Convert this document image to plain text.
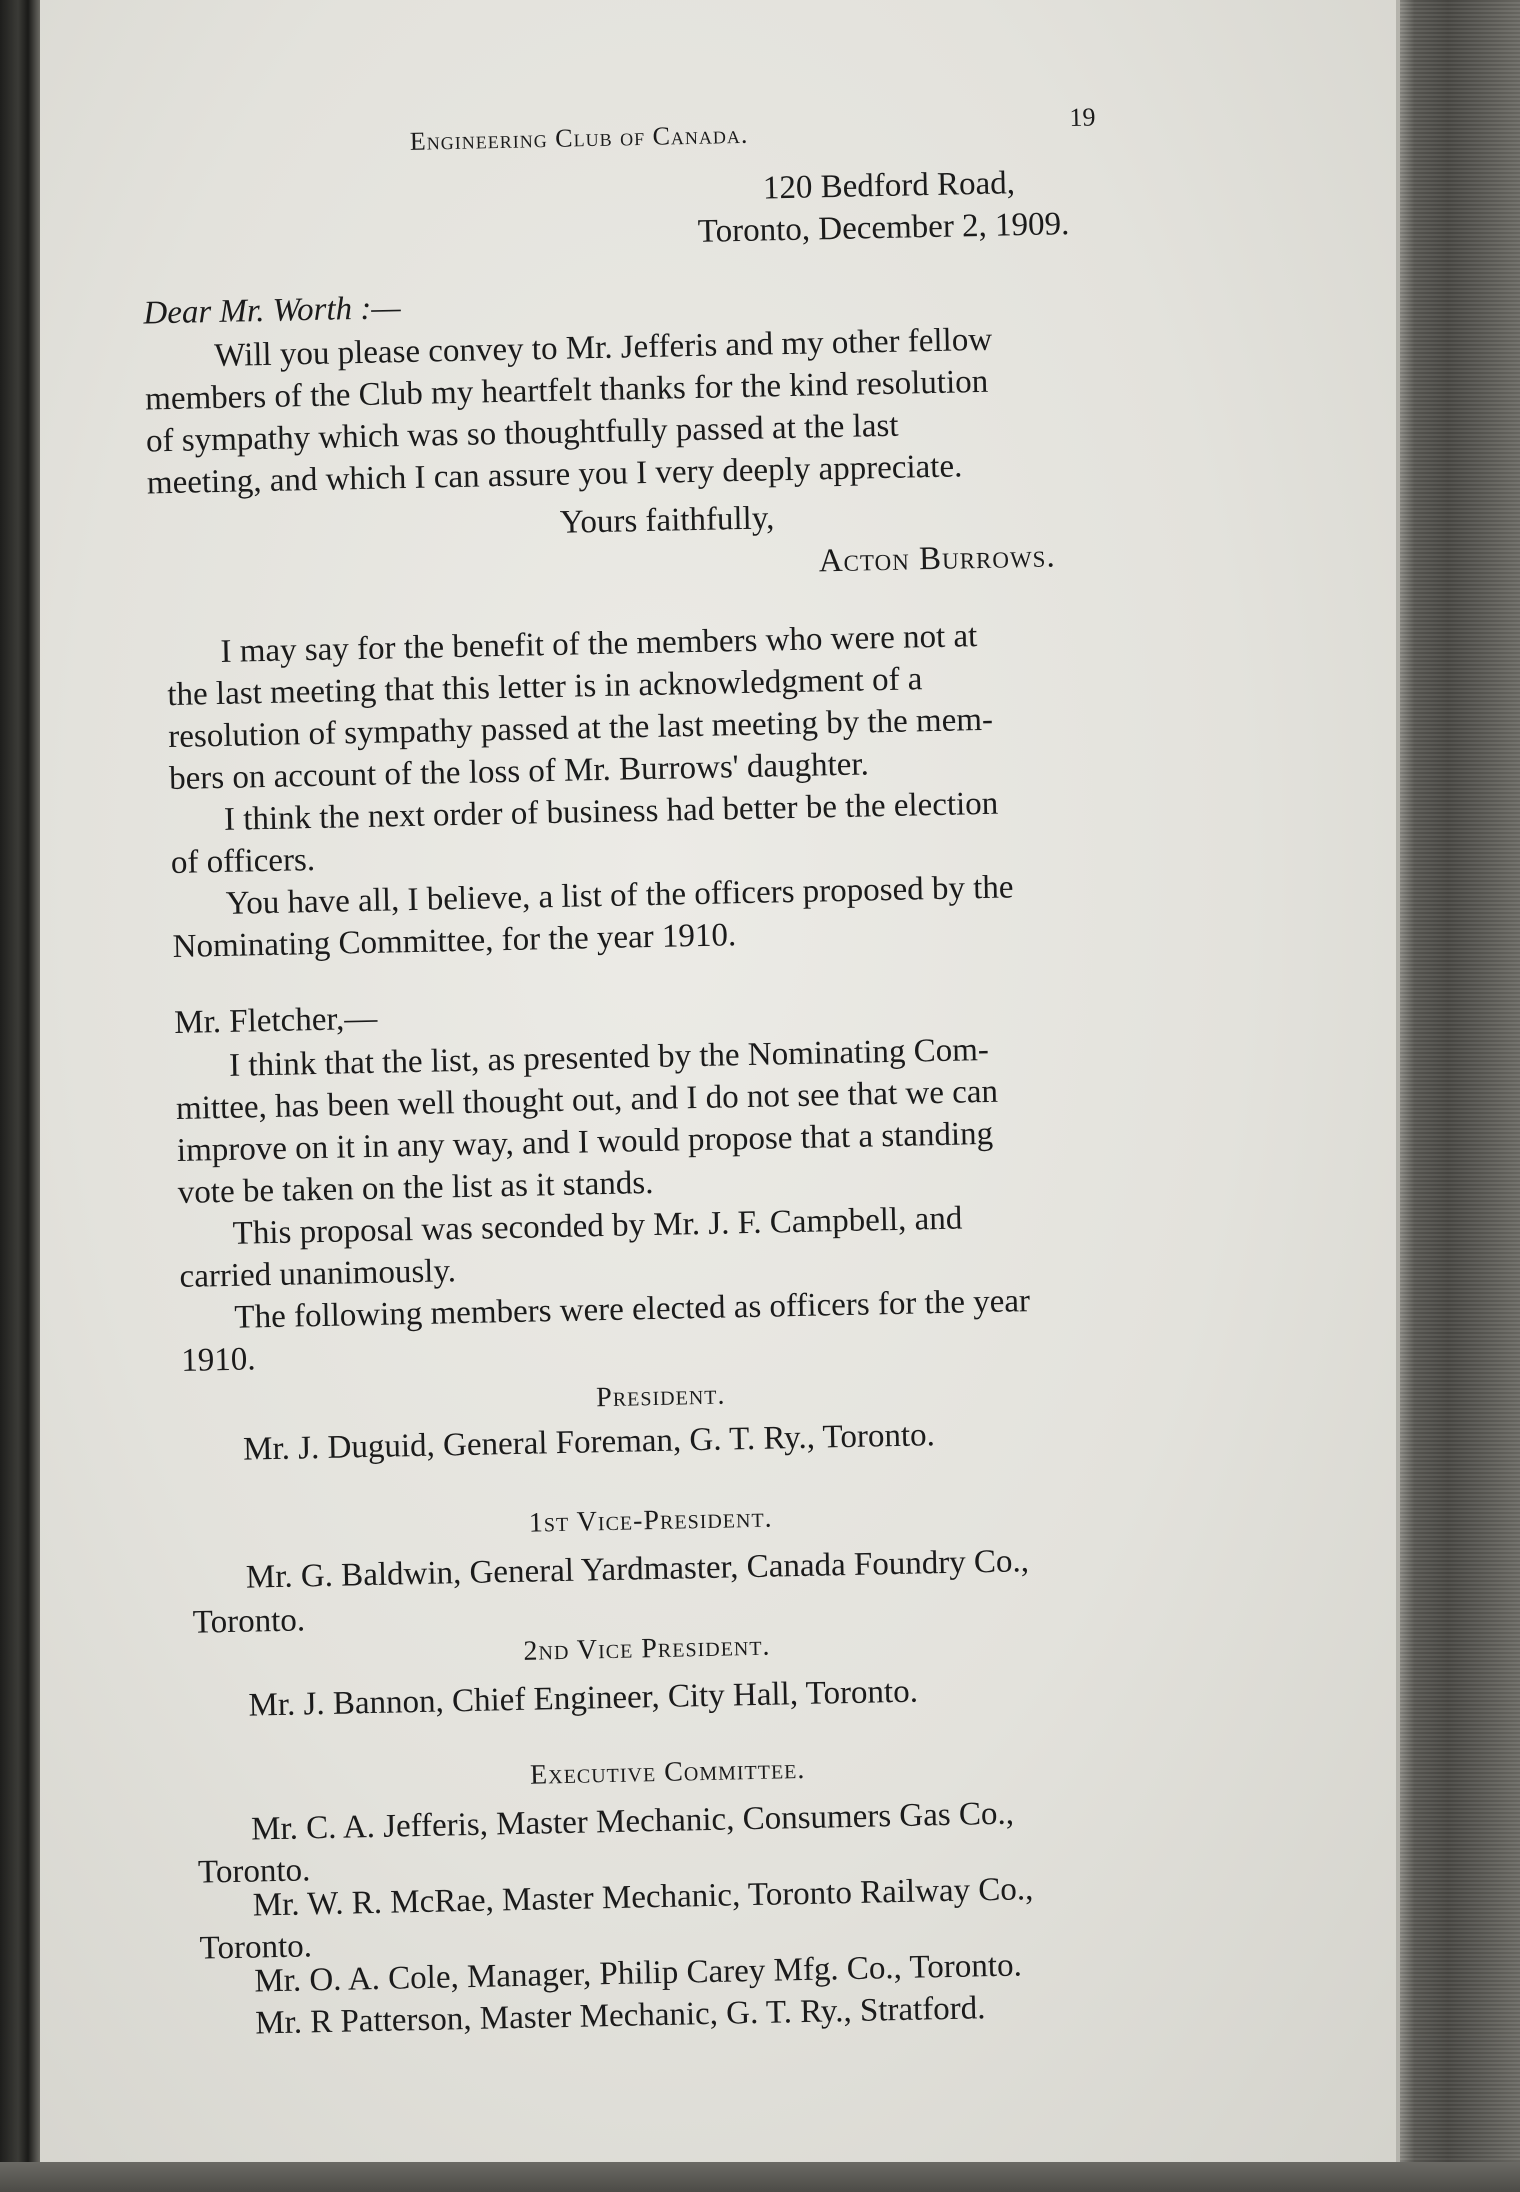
Engineering Club of Canada.
19
120 Bedford Road,
Toronto, December 2, 1909.
Dear Mr. Worth :—
Will you please convey to Mr. Jefferis and my other fellow
members of the Club my heartfelt thanks for the kind resolution
of sympathy which was so thoughtfully passed at the last
meeting, and which I can assure you I very deeply appreciate.
Yours faithfully,
Acton Burrows.
I may say for the benefit of the members who were not at
the last meeting that this letter is in acknowledgment of a
resolution of sympathy passed at the last meeting by the mem-
bers on account of the loss of Mr. Burrows' daughter.
I think the next order of business had better be the election
of officers.
You have all, I believe, a list of the officers proposed by the
Nominating Committee, for the year 1910.
Mr. Fletcher,—
I think that the list, as presented by the Nominating Com-
mittee, has been well thought out, and I do not see that we can
improve on it in any way, and I would propose that a standing
vote be taken on the list as it stands.
This proposal was seconded by Mr. J. F. Campbell, and
carried unanimously.
The following members were elected as officers for the year
1910.
President.
Mr. J. Duguid, General Foreman, G. T. Ry., Toronto.
1st Vice-President.
Mr. G. Baldwin, General Yardmaster, Canada Foundry Co.,
Toronto.
2nd Vice President.
Mr. J. Bannon, Chief Engineer, City Hall, Toronto.
Executive Committee.
Mr. C. A. Jefferis, Master Mechanic, Consumers Gas Co.,
Toronto.
Mr. W. R. McRae, Master Mechanic, Toronto Railway Co.,
Toronto.
Mr. O. A. Cole, Manager, Philip Carey Mfg. Co., Toronto.
Mr. R Patterson, Master Mechanic, G. T. Ry., Stratford.
